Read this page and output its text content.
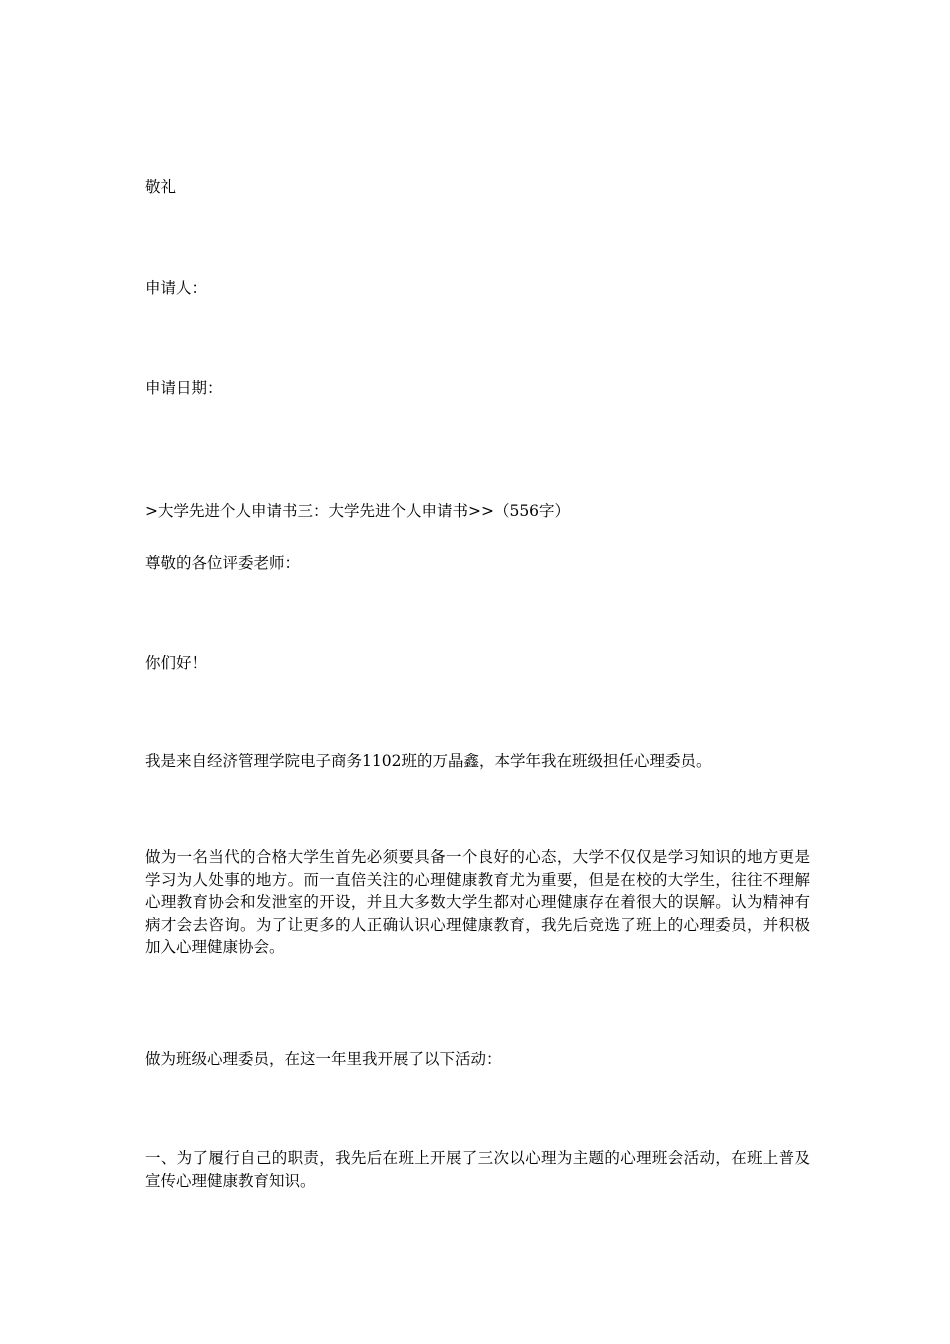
敬礼

申请人：

申请日期：

>大学先进个人申请书三：大学先进个人申请书>>（556字）

尊敬的各位评委老师：

你们好！

我是来自经济管理学院电子商务1102班的万晶鑫，本学年我在班级担任心理委员。

做为一名当代的合格大学生首先必须要具备一个良好的心态，大学不仅仅是学习知识的地方更是学习为人处事的地方。而一直倍关注的心理健康教育尤为重要，但是在校的大学生，往往不理解心理教育协会和发泄室的开设，并且大多数大学生都对心理健康存在着很大的误解。认为精神有病才会去咨询。为了让更多的人正确认识心理健康教育，我先后竞选了班上的心理委员，并积极加入心理健康协会。

做为班级心理委员，在这一年里我开展了以下活动：

一、为了履行自己的职责，我先后在班上开展了三次以心理为主题的心理班会活动，在班上普及宣传心理健康教育知识。
